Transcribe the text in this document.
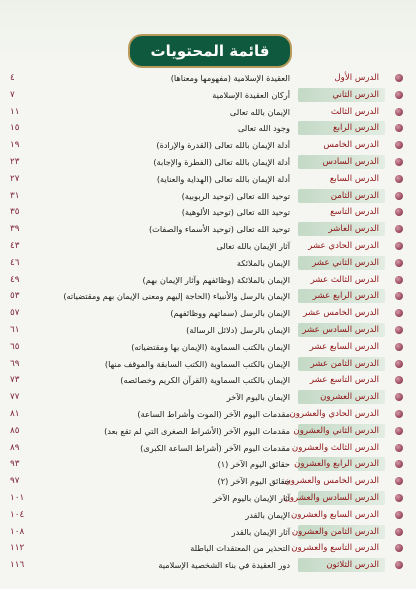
قائمة المحتويات
الدرس الأول
العقيدة الإسلامية (مفهومها ومعناها)
٤
الدرس الثاني
أركان العقيدة الإسلامية
٧
الدرس الثالث
الإيمان بالله تعالى
١١
الدرس الرابع
وجود الله تعالى
١٥
الدرس الخامس
أدلة الإيمان بالله تعالى (القدرة والإرادة)
١٩
الدرس السادس
أدلة الإيمان بالله تعالى (الفطرة والإجابة)
٢٣
الدرس السابع
أدلة الإيمان بالله تعالى (الهداية والعناية)
٢٧
الدرس الثامن
توحيد الله تعالى (توحيد الربوبية)
٣١
الدرس التاسع
توحيد الله تعالى (توحيد الألوهية)
٣٥
الدرس العاشر
توحيد الله تعالى (توحيد الأسماء والصفات)
٣٩
الدرس الحادي عشر
آثار الإيمان بالله تعالى
٤٣
الدرس الثاني عشر
الإيمان بالملائكة
٤٦
الدرس الثالث عشر
الإيمان بالملائكة (وظائفهم وآثار الإيمان بهم)
٤٩
الدرس الرابع عشر
الإيمان بالرسل والأنبياء (الحاجة إليهم ومعنى الإيمان بهم ومقتضياته)
٥٣
الدرس الخامس عشر
الإيمان بالرسل (سماتهم ووظائفهم)
٥٧
الدرس السادس عشر
الإيمان بالرسل (دلائل الرسالة)
٦١
الدرس السابع عشر
الإيمان بالكتب السماوية (الإيمان بها ومقتضياته)
٦٥
الدرس الثامن عشر
الإيمان بالكتب السماوية (الكتب السابقة والموقف منها)
٦٩
الدرس التاسع عشر
الإيمان بالكتب السماوية (القرآن الكريم وخصائصه)
٧٣
الدرس العشرون
الإيمان باليوم الآخر
٧٧
الدرس الحادي والعشرون
مقدمات اليوم الآخر (الموت وأشراط الساعة)
٨١
الدرس الثاني والعشرون
مقدمات اليوم الآخر (الأشراط الصغرى التي لم تقع بعد)
٨٥
الدرس الثالث والعشرون
مقدمات اليوم الآخر (أشراط الساعة الكبرى)
٨٩
الدرس الرابع والعشرون
حقائق اليوم الآخر (١)
٩٣
الدرس الخامس والعشرون
حقائق اليوم الآخر (٢)
٩٧
الدرس السادس والعشرون
آثار الإيمان باليوم الآخر
١٠١
الدرس السابع والعشرون
الإيمان بالقدر
١٠٤
الدرس الثامن والعشرون
آثار الإيمان بالقدر
١٠٨
الدرس التاسع والعشرون
التحذير من المعتقدات الباطلة
١١٢
الدرس الثلاثون
دور العقيدة في بناء الشخصية الإسلامية
١١٦
